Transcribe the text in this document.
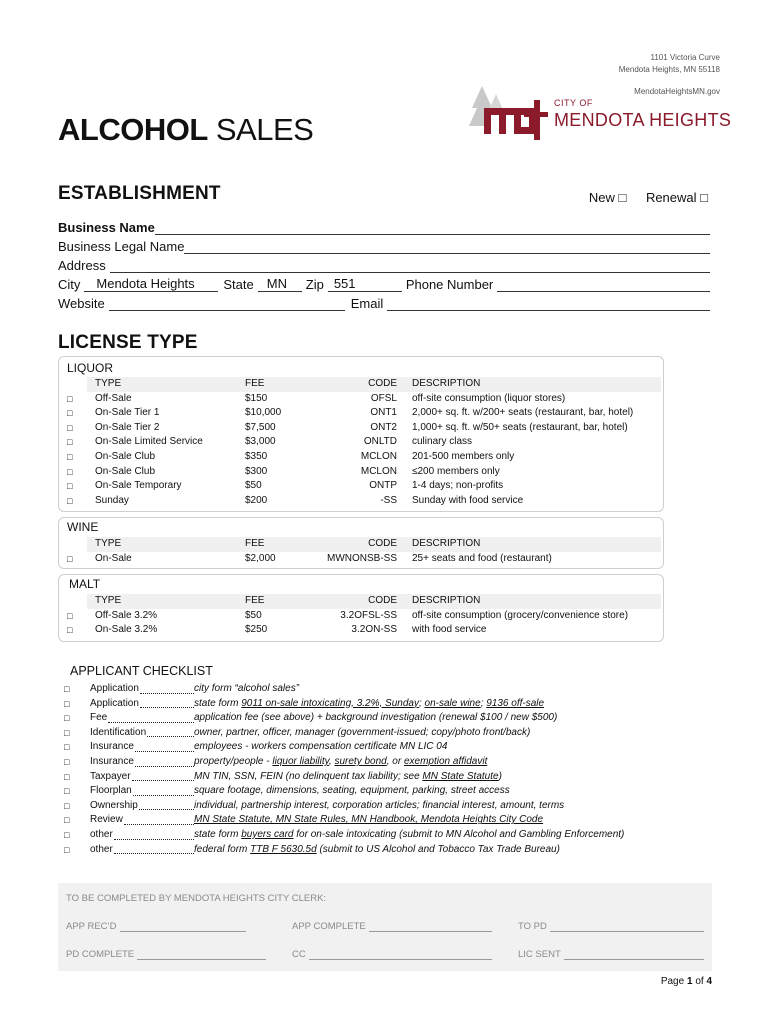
1101 Victoria Curve
Mendota Heights, MN 55118
MendotaHeightsMN.gov
CITY OF
MENDOTA HEIGHTS
ALCOHOL SALES
ESTABLISHMENT	New □ Renewal □
Business Name
Business Legal Name
Address
City	Mendota Heights	State	MN	Zip 551	Phone Number
Website	Email
LICENSE TYPE
LIQUOR
TYPE	FEE	CODE DESCRIPTION
□ Off-Sale	$150	OFSL off-site consumption (liquor stores)
□ On-Sale Tier 1	$10,000	ONT1 2,000+ sq. ft. w/200+ seats (restaurant, bar, hotel)
□ On-Sale Tier 2	$7,500	ONT2 1,000+ sq. ft. w/50+ seats (restaurant, bar, hotel)
□ On-Sale Limited Service	$3,000	ONLTD culinary class
□ On-Sale Club	$350	MCLON 201-500 members only
□ On-Sale Club	$300	MCLON ≤200 members only
□ On-Sale Temporary	$50	ONTP 1-4 days; non-profits
□ Sunday	$200	-SS Sunday with food service
WINE
TYPE	FEE	CODE DESCRIPTION
□ On-Sale	$2,000	MWNONSB-SS 25+ seats and food (restaurant)
MALT
TYPE	FEE	CODE DESCRIPTION
□ Off-Sale 3.2%	$50	3.2OFSL-SS off-site consumption (grocery/convenience store)
□ On-Sale 3.2%	$250	3.2ON-SS with food service
APPLICANT CHECKLIST
□ Application	city form “alcohol sales”
□ Application	state form 9011 on-sale intoxicating, 3.2%, Sunday; on-sale wine; 9136 off-sale
□ Fee	application fee (see above) + background investigation (renewal $100 / new $500)
□ Identification	owner, partner, officer, manager (government-issued; copy/photo front/back)
□ Insurance	employees - workers compensation certificate MN LIC 04
□ Insurance	property/people - liquor liability, surety bond, or exemption affidavit
□ Taxpayer	MN TIN, SSN, FEIN (no delinquent tax liability; see MN State Statute)
□ Floorplan	square footage, dimensions, seating, equipment, parking, street access
□ Ownership	individual, partnership interest, corporation articles; financial interest, amount, terms
□ Review	MN State Statute, MN State Rules, MN Handbook, Mendota Heights City Code
□ other	state form buyers card for on-sale intoxicating (submit to MN Alcohol and Gambling Enforcement)
□ other	federal form TTB F 5630.5d (submit to US Alcohol and Tobacco Tax Trade Bureau)
TO BE COMPLETED BY MENDOTA HEIGHTS CITY CLERK:
APP REC’D	APP COMPLETE	TO PD
PD COMPLETE	CC	LIC SENT
Page 1 of 4
